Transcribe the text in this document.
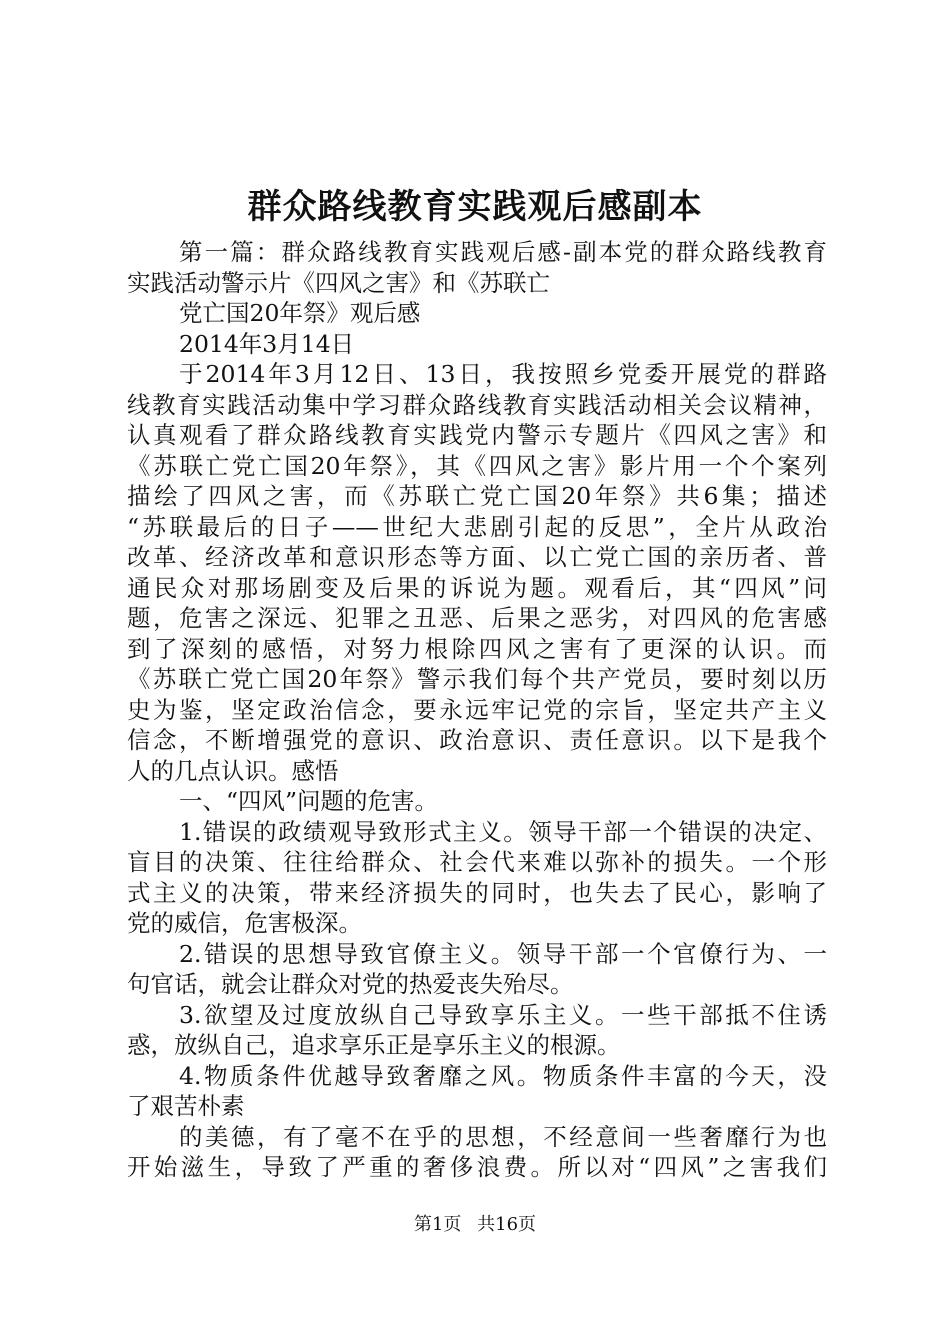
群众路线教育实践观后感副本
第一篇：群众路线教育实践观后感-副本党的群众路线教育
实践活动警示片《四风之害》和《苏联亡
党亡国20年祭》观后感
2014年3月14日
于2014年3月12日、13日，我按照乡党委开展党的群路
线教育实践活动集中学习群众路线教育实践活动相关会议精神，
认真观看了群众路线教育实践党内警示专题片《四风之害》和
《苏联亡党亡国20年祭》，其《四风之害》影片用一个个案列
描绘了四风之害，而《苏联亡党亡国20年祭》共6集；描述
“苏联最后的日子——世纪大悲剧引起的反思”，全片从政治
改革、经济改革和意识形态等方面、以亡党亡国的亲历者、普
通民众对那场剧变及后果的诉说为题。观看后，其“四风”问
题，危害之深远、犯罪之丑恶、后果之恶劣，对四风的危害感
到了深刻的感悟，对努力根除四风之害有了更深的认识。而
《苏联亡党亡国20年祭》警示我们每个共产党员，要时刻以历
史为鉴，坚定政治信念，要永远牢记党的宗旨，坚定共产主义
信念，不断增强党的意识、政治意识、责任意识。以下是我个
人的几点认识。感悟
一、“四风”问题的危害。
1.错误的政绩观导致形式主义。领导干部一个错误的决定、
盲目的决策、往往给群众、社会代来难以弥补的损失。一个形
式主义的决策，带来经济损失的同时，也失去了民心，影响了
党的威信，危害极深。
2.错误的思想导致官僚主义。领导干部一个官僚行为、一
句官话，就会让群众对党的热爱丧失殆尽。
3.欲望及过度放纵自己导致享乐主义。一些干部抵不住诱
惑，放纵自己，追求享乐正是享乐主义的根源。
4.物质条件优越导致奢靡之风。物质条件丰富的今天，没
了艰苦朴素
的美德，有了毫不在乎的思想，不经意间一些奢靡行为也
开始滋生，导致了严重的奢侈浪费。所以对“四风”之害我们
第1页 共16页
